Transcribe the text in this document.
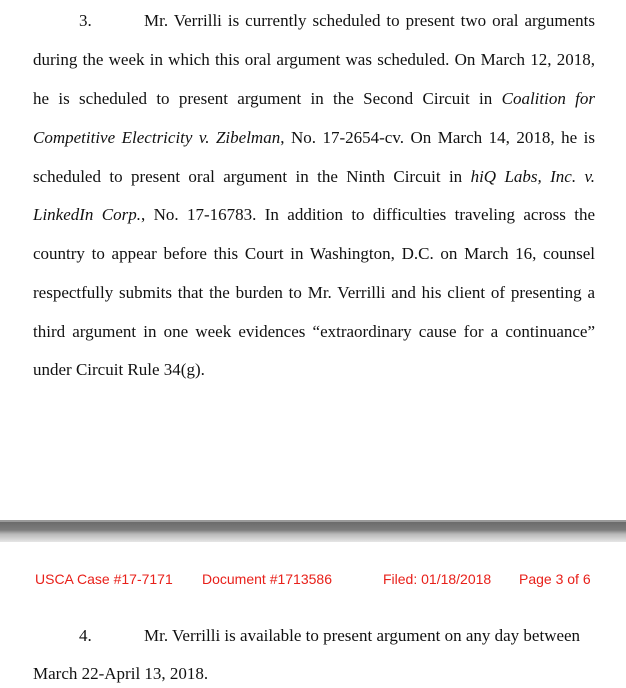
3.	Mr. Verrilli is currently scheduled to present two oral arguments
during the week in which this oral argument was scheduled. On March 12, 2018,
he is scheduled to present argument in the Second Circuit in Coalition for
Competitive Electricity v. Zibelman, No. 17-2654-cv. On March 14, 2018, he is
scheduled to present oral argument in the Ninth Circuit in hiQ Labs, Inc. v.
LinkedIn Corp., No. 17-16783. In addition to difficulties traveling across the
country to appear before this Court in Washington, D.C. on March 16, counsel
respectfully submits that the burden to Mr. Verrilli and his client of presenting a
third argument in one week evidences “extraordinary cause for a continuance”
under Circuit Rule 34(g).
USCA Case #17-7171 Document #1713586	Filed: 01/18/2018 Page 3 of 6
4.	Mr. Verrilli is available to present argument on any day between
March 22-April 13, 2018.
